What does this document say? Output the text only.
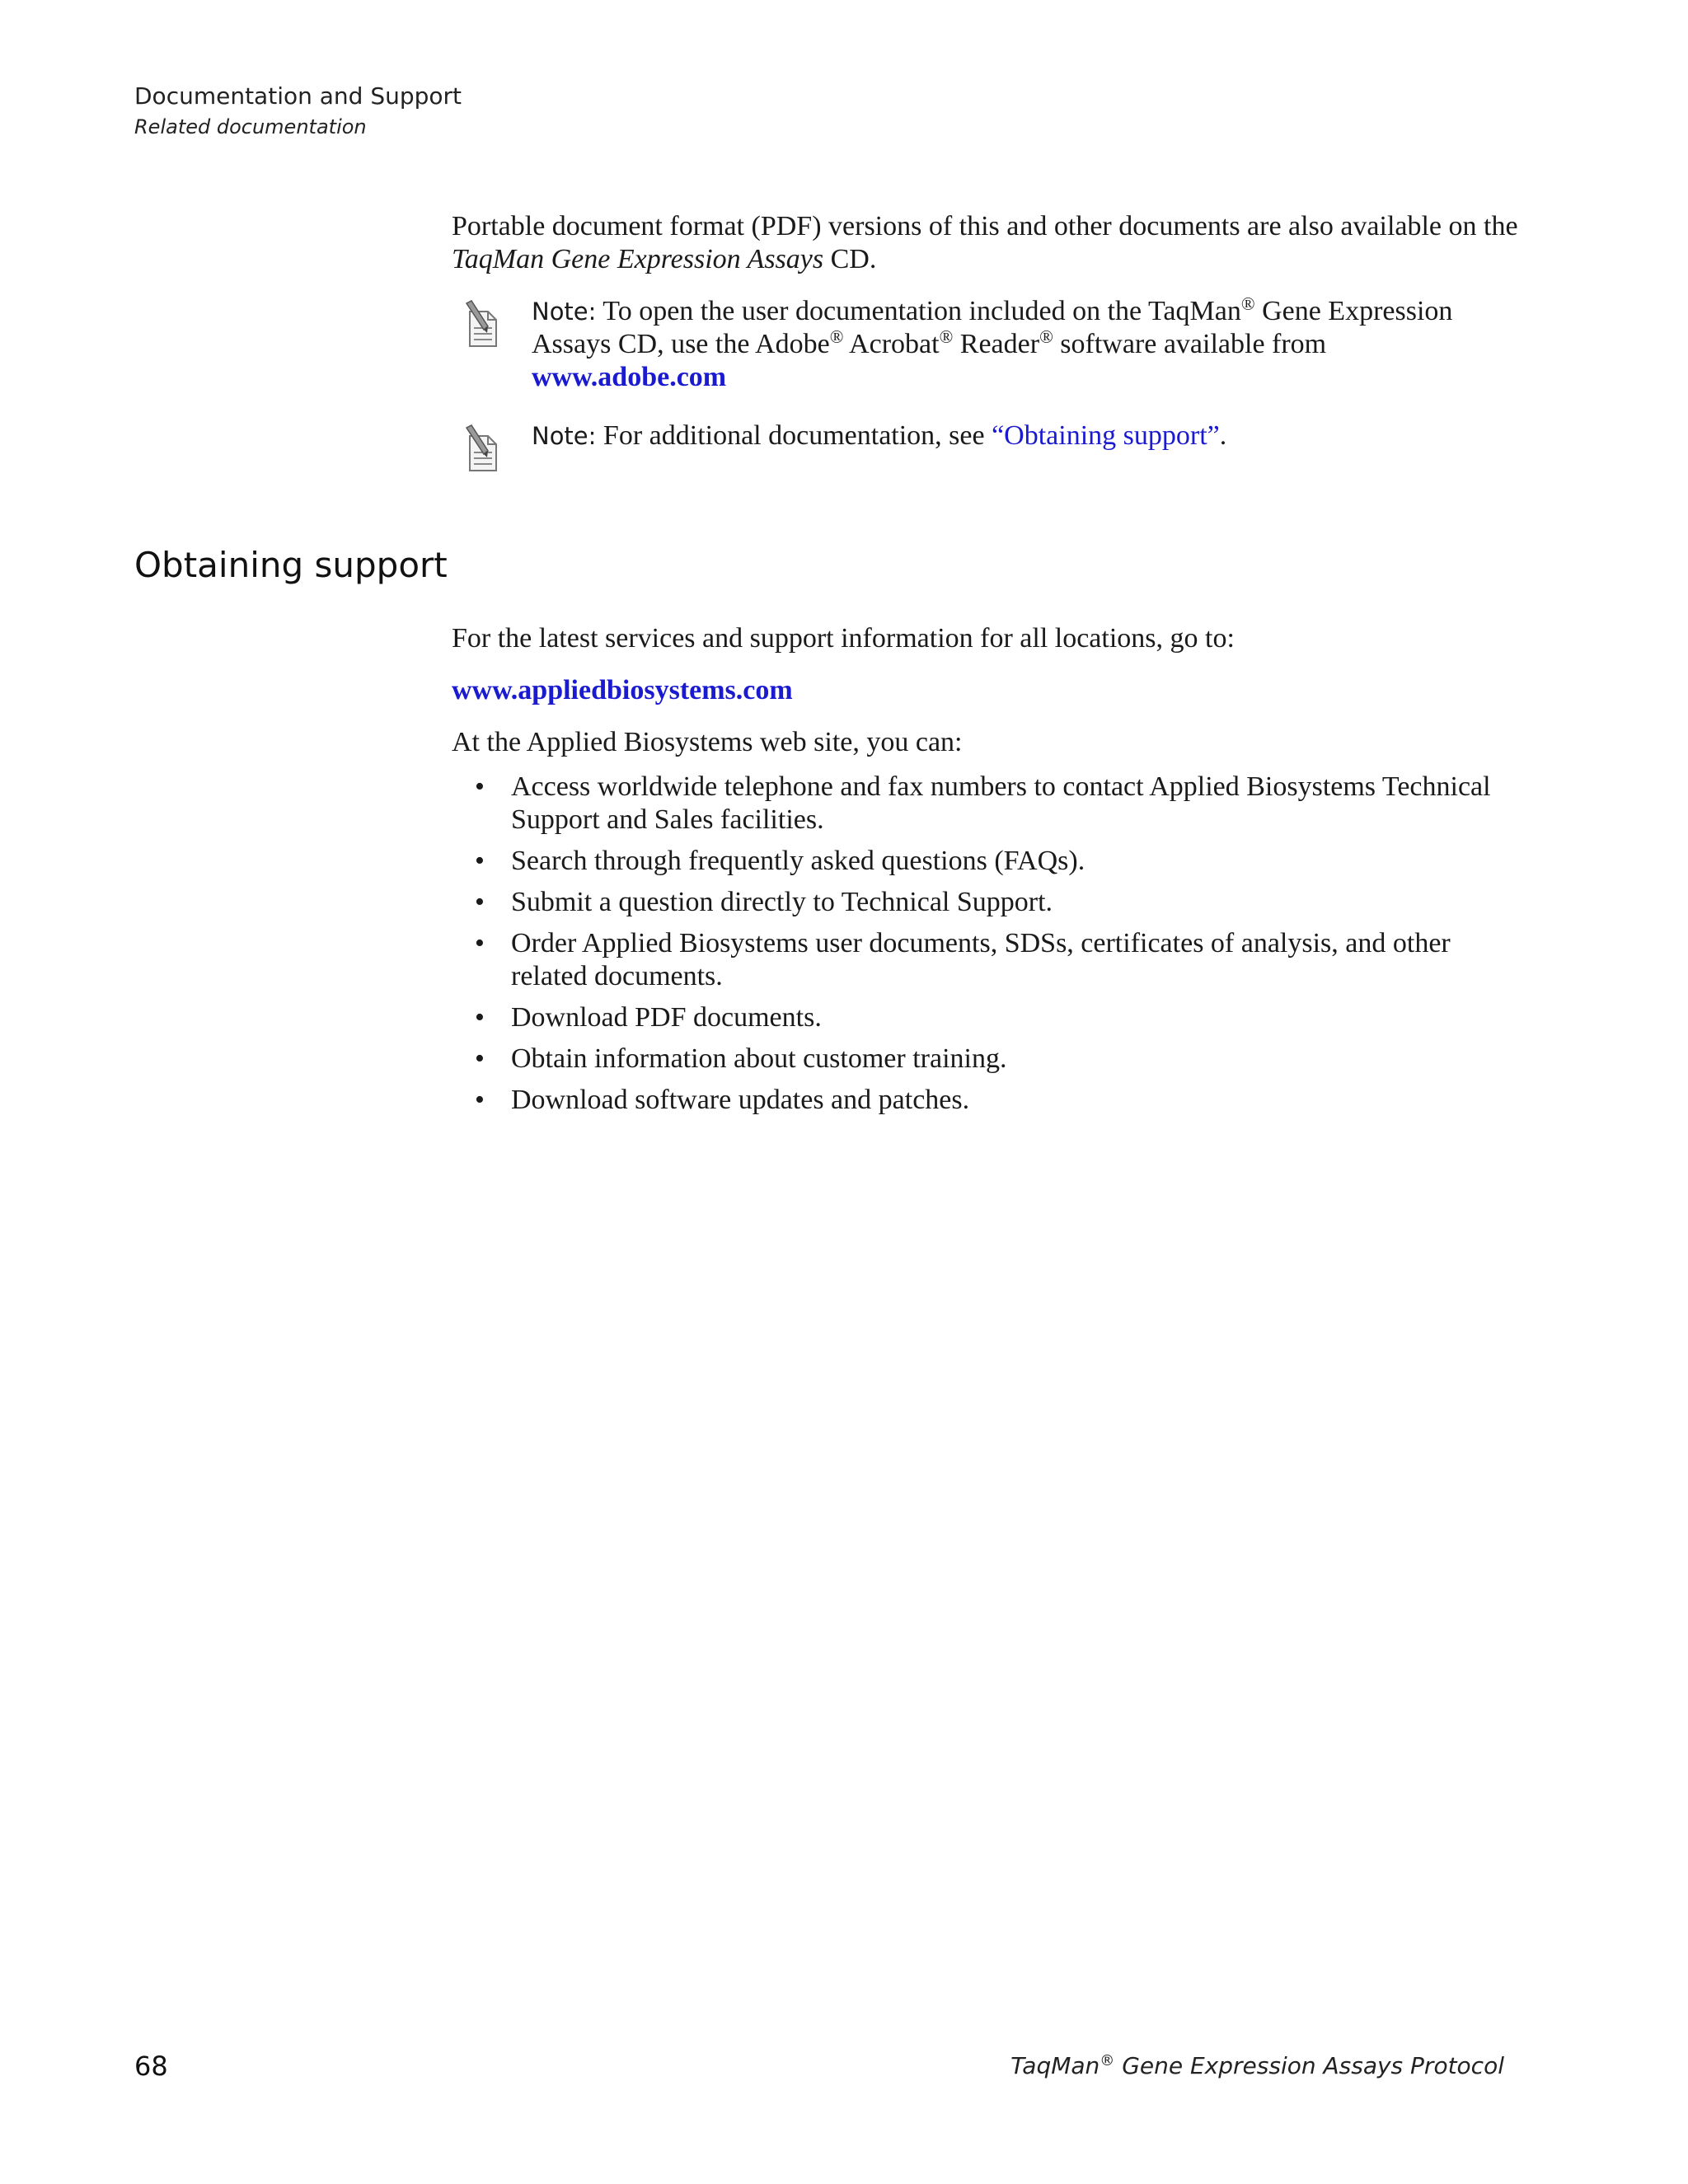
Documentation and Support
Related documentation

Portable document format (PDF) versions of this and other documents are also available on the TaqMan Gene Expression Assays CD.

Note: To open the user documentation included on the TaqMan® Gene Expression Assays CD, use the Adobe® Acrobat® Reader® software available from www.adobe.com
Note: For additional documentation, see “Obtaining support”.
Obtaining support

For the latest services and support information for all locations, go to:

www.appliedbiosystems.com

At the Applied Biosystems web site, you can:

• Access worldwide telephone and fax numbers to contact Applied Biosystems Technical Support and Sales facilities.
• Search through frequently asked questions (FAQs).
• Submit a question directly to Technical Support.
• Order Applied Biosystems user documents, SDSs, certificates of analysis, and other related documents.
• Download PDF documents.
• Obtain information about customer training.
• Download software updates and patches.
68	TaqMan® Gene Expression Assays Protocol
